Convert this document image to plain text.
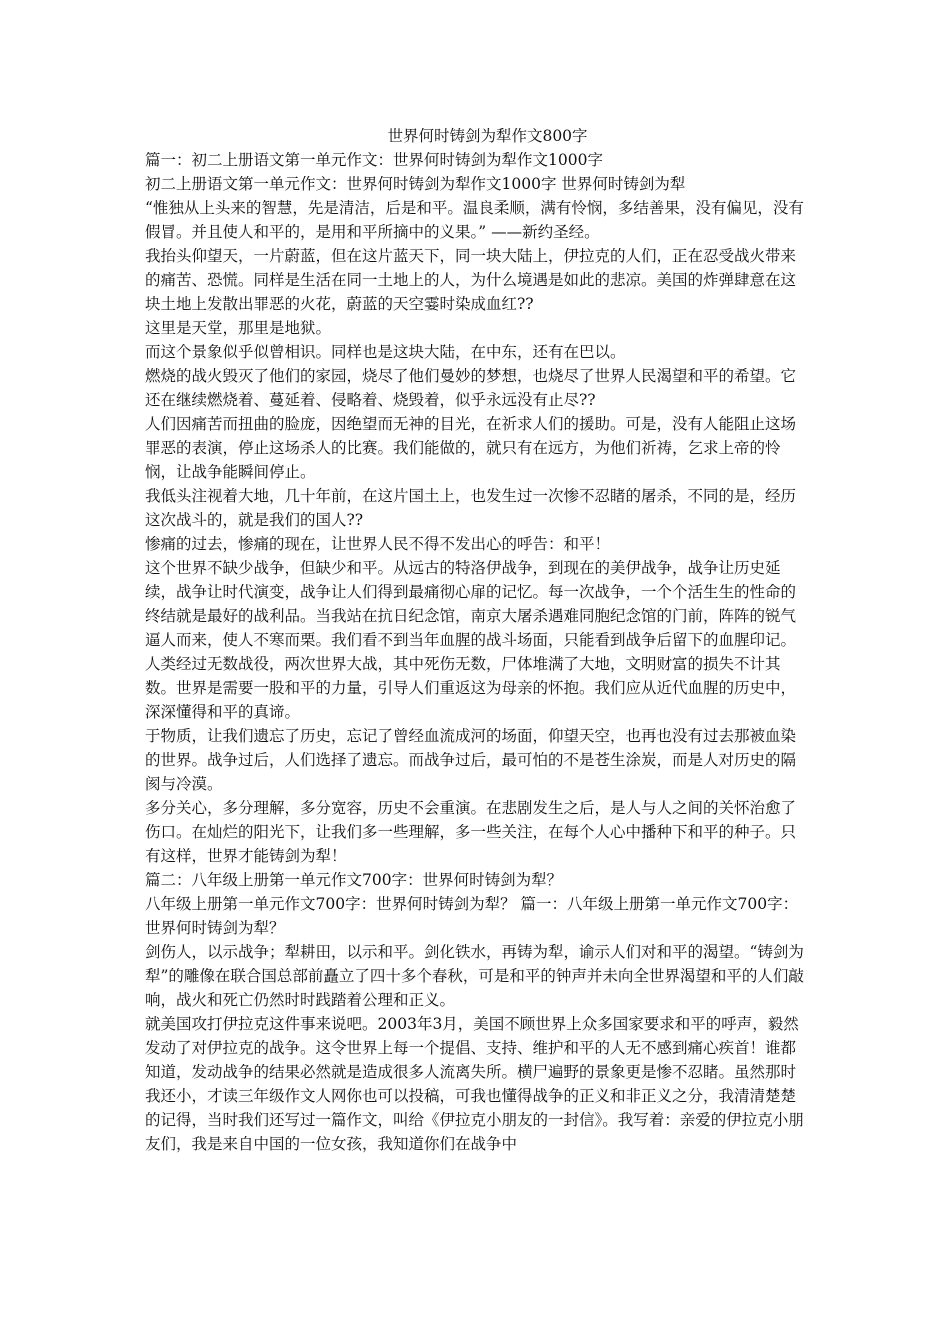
世界何时铸剑为犁作文800字

篇一：初二上册语文第一单元作文：世界何时铸剑为犁作文1000字

初二上册语文第一单元作文：世界何时铸剑为犁作文1000字 世界何时铸剑为犁

“惟独从上头来的智慧，先是清洁，后是和平。温良柔顺，满有怜悯，多结善果，没有偏见，没有假冒。并且使人和平的，是用和平所摘中的义果。” ——新约圣经。

我抬头仰望天，一片蔚蓝，但在这片蓝天下，同一块大陆上，伊拉克的人们，正在忍受战火带来的痛苦、恐慌。同样是生活在同一土地上的人，为什么境遇是如此的悲凉。美国的炸弹肆意在这块土地上发散出罪恶的火花，蔚蓝的天空霎时染成血红??

这里是天堂，那里是地狱。

而这个景象似乎似曾相识。同样也是这块大陆，在中东，还有在巴以。

燃烧的战火毁灭了他们的家园，烧尽了他们曼妙的梦想，也烧尽了世界人民渴望和平的希望。它还在继续燃烧着、蔓延着、侵略着、烧毁着，似乎永远没有止尽??

人们因痛苦而扭曲的脸庞，因绝望而无神的目光，在祈求人们的援助。可是，没有人能阻止这场罪恶的表演，停止这场杀人的比赛。我们能做的，就只有在远方，为他们祈祷，乞求上帝的怜悯，让战争能瞬间停止。

我低头注视着大地，几十年前，在这片国土上，也发生过一次惨不忍睹的屠杀，不同的是，经历这次战斗的，就是我们的国人??

惨痛的过去，惨痛的现在，让世界人民不得不发出心的呼告：和平！

这个世界不缺少战争，但缺少和平。从远古的特洛伊战争，到现在的美伊战争，战争让历史延续，战争让时代演变，战争让人们得到最痛彻心扉的记忆。每一次战争，一个个活生生的性命的终结就是最好的战利品。当我站在抗日纪念馆，南京大屠杀遇难同胞纪念馆的门前，阵阵的锐气逼人而来，使人不寒而栗。我们看不到当年血腥的战斗场面，只能看到战争后留下的血腥印记。

人类经过无数战役，两次世界大战，其中死伤无数，尸体堆满了大地，文明财富的损失不计其数。世界是需要一股和平的力量，引导人们重返这为母亲的怀抱。我们应从近代血腥的历史中，深深懂得和平的真谛。

于物质，让我们遗忘了历史，忘记了曾经血流成河的场面，仰望天空，也再也没有过去那被血染的世界。战争过后，人们选择了遗忘。而战争过后，最可怕的不是苍生涂炭，而是人对历史的隔阂与冷漠。

多分关心，多分理解，多分宽容，历史不会重演。在悲剧发生之后，是人与人之间的关怀治愈了伤口。在灿烂的阳光下，让我们多一些理解，多一些关注，在每个人心中播种下和平的种子。只有这样，世界才能铸剑为犁！

篇二：八年级上册第一单元作文700字：世界何时铸剑为犁？

八年级上册第一单元作文700字：世界何时铸剑为犁？ 篇一：八年级上册第一单元作文700字：世界何时铸剑为犁？

剑伤人，以示战争；犁耕田，以示和平。剑化铁水，再铸为犁，谕示人们对和平的渴望。“铸剑为犁”的雕像在联合国总部前矗立了四十多个春秋，可是和平的钟声并未向全世界渴望和平的人们敲响，战火和死亡仍然时时践踏着公理和正义。

就美国攻打伊拉克这件事来说吧。2003年3月，美国不顾世界上众多国家要求和平的呼声，毅然发动了对伊拉克的战争。这令世界上每一个提倡、支持、维护和平的人无不感到痛心疾首！谁都知道，发动战争的结果必然就是造成很多人流离失所。横尸遍野的景象更是惨不忍睹。虽然那时我还小，才读三年级作文人网你也可以投稿，可我也懂得战争的正义和非正义之分，我清清楚楚的记得，当时我们还写过一篇作文，叫给《伊拉克小朋友的一封信》。我写着：亲爱的伊拉克小朋友们，我是来自中国的一位女孩，我知道你们在战争中
